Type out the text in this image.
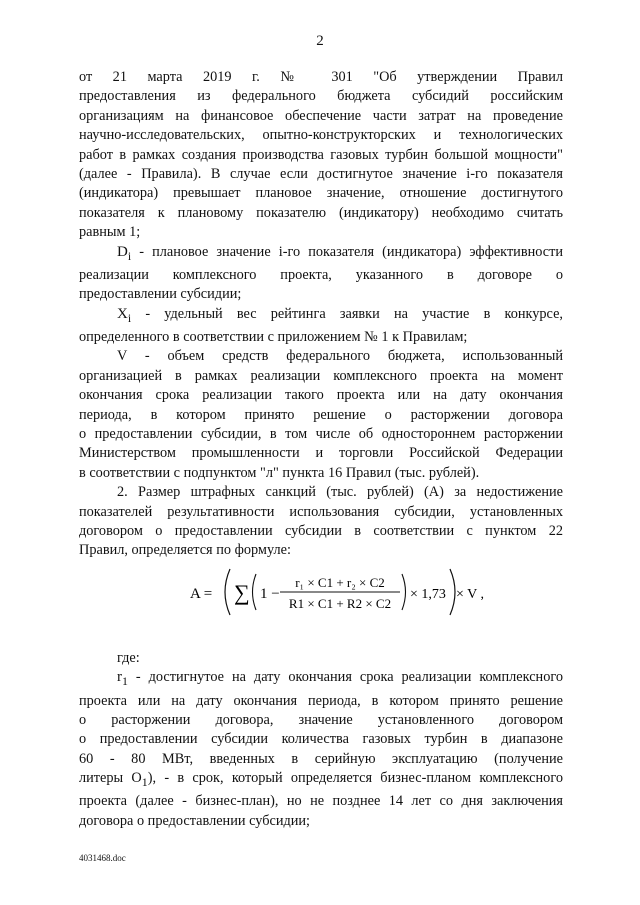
2

от 21 марта 2019 г. № 301 "Об утверждении Правил

предоставления из федерального бюджета субсидий российским

организациям на финансовое обеспечение части затрат на проведение

научно-исследовательских, опытно-конструкторских и технологических

работ в рамках создания производства газовых турбин большой мощности"

(далее - Правила). В случае если достигнутое значение i-го показателя

(индикатора) превышает плановое значение, отношение достигнутого

показателя к плановому показателю (индикатору) необходимо считать

равным 1;

$D_i$ - плановое значение i-го показателя (индикатора) эффективности

реализации комплексного проекта, указанного в договоре о

предоставлении субсидии;

$X_i$ - удельный вес рейтинга заявки на участие в конкурсе,

определенного в соответствии с приложением № 1 к Правилам;

V - объем средств федерального бюджета, использованный

организацией в рамках реализации комплексного проекта на момент

окончания срока реализации такого проекта или на дату окончания

периода, в котором принято решение о расторжении договора

о предоставлении субсидии, в том числе об одностороннем расторжении

Министерством промышленности и торговли Российской Федерации

в соответствии с подпунктом "л" пункта 16 Правил (тыс. рублей).

2. Размер штрафных санкций (тыс. рублей) (А) за недостижение

показателей результативности использования субсидии, установленных

договором о предоставлении субсидии в соответствии с пунктом 22

Правил, определяется по формуле:

где:

$r_1$ - достигнутое на дату окончания срока реализации комплексного

проекта или на дату окончания периода, в котором принято решение

о расторжении договора, значение установленного договором

о предоставлении субсидии количества газовых турбин в диапазоне

60 - 80 МВт, введенных в серийную эксплуатацию (получение

литеры $О_1$), - в срок, который определяется бизнес-планом комплексного

проекта (далее - бизнес-план), но не позднее 14 лет со дня заключения

договора о предоставлении субсидии;

A = ∑ 1 −
r₁ × C1 + r₂ × C2
R1 × C1 + R2 × C2
× 1,73 × V ,
4031468.doc
